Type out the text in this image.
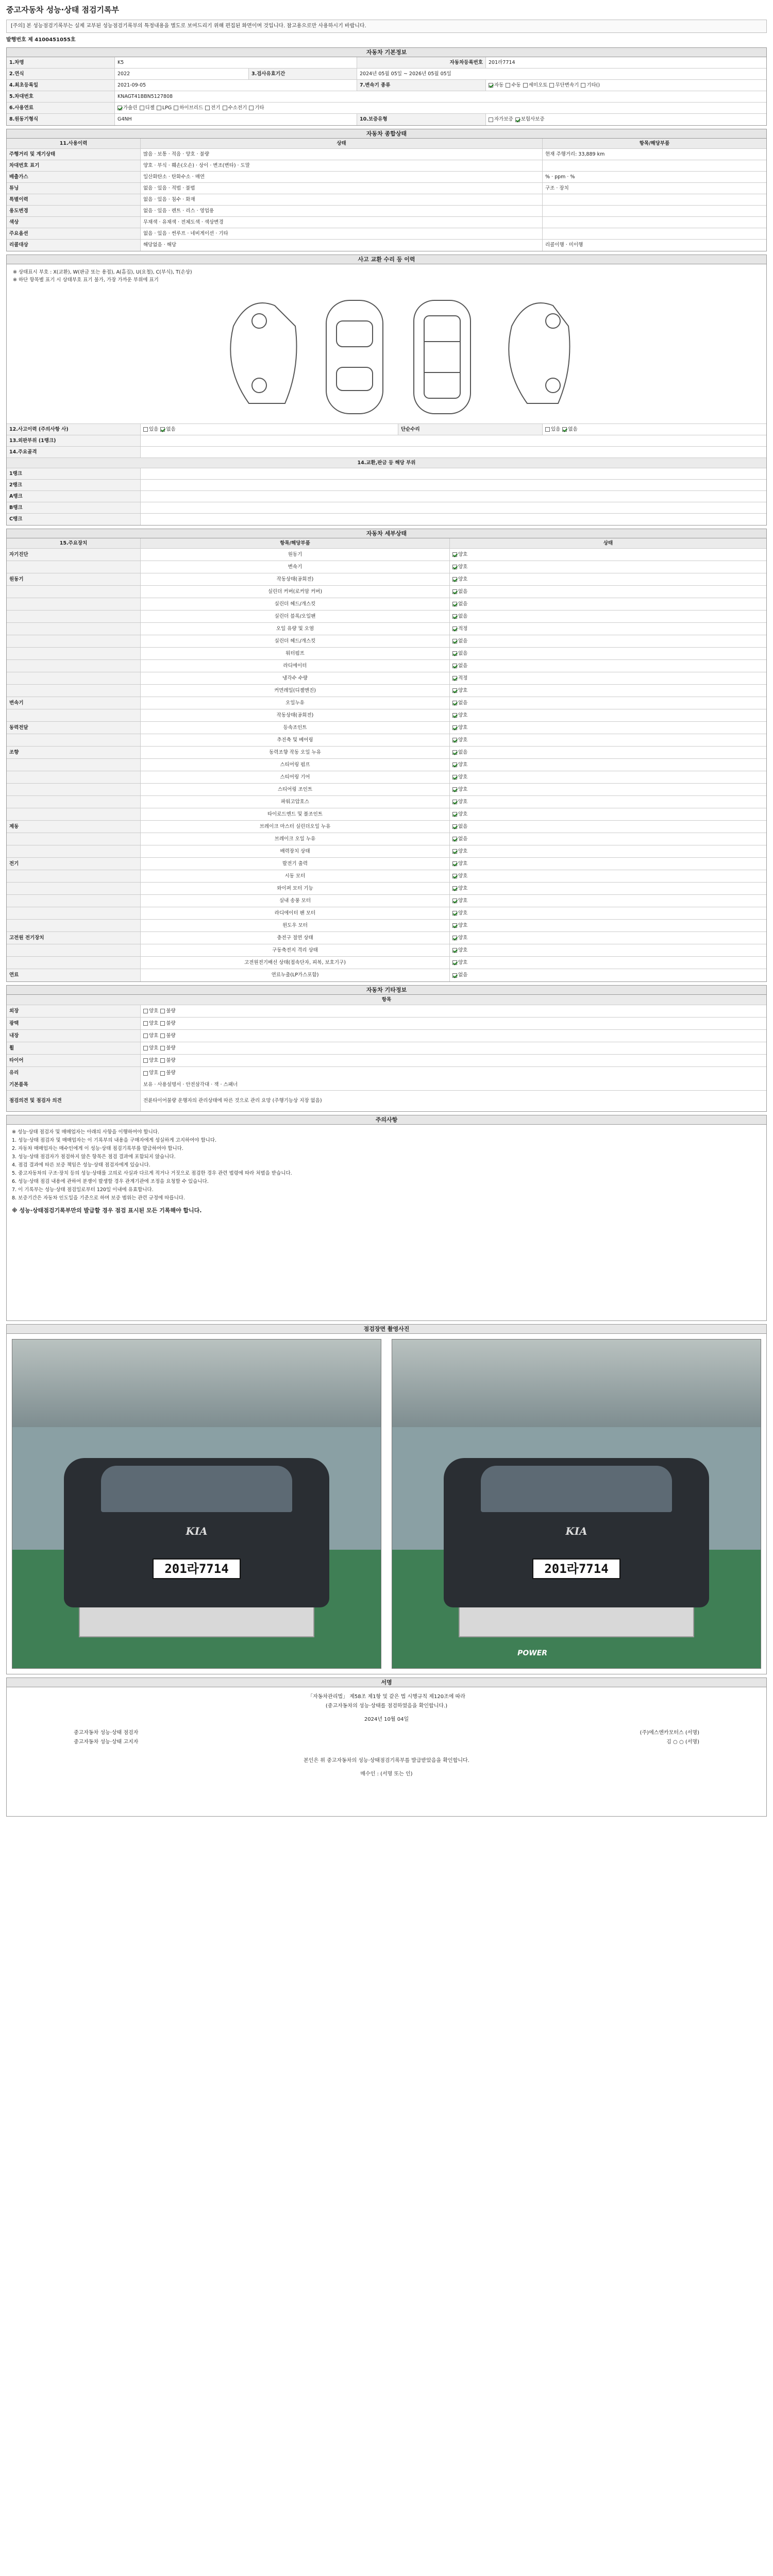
중고자동차 성능·상태 점검기록부
[주의] 본 성능점검기록부는 실제 교부된 성능점검기록부의 특정내용을 별도로 보여드리기 위해 편집된 화면이며 것입니다. 참고용으로만 사용하시기 바랍니다.
발행번호 제 4100451055호
자동차 기본정보
1.차명	K5	자동차등록번호	201라7714
2.연식	2022	3.검사유효기간	2024년 05월 05일 ~ 2026년 05월 05일
4.최초등록일	2021-09-05	7.변속기 종류	자동 수동 세미오토 무단변속기 기타()
5.차대번호	KNAGT41BBN5127808
6.사용연료	가솔린 디젤 LPG 하이브리드 전기 수소전기 기타
8.원동기형식	G4NH	10.보증유형	자가보증 보험사보증
자동차 종합상태
11.사용이력	상태	항목/해당부품
주행거리 및 계기상태	많음 · 보통 · 적음 · 양호 · 불량	현재 주행거리: 33,889 km
차대번호 표기	양호 · 부식 · 훼손(오손) · 상이 · 변조(변타) · 도말
배출가스	일산화탄소 · 탄화수소 · 매연	% · ppm · %
튜닝	없음 · 있음 · 적법 · 불법	구조 · 장치
특별이력	없음 · 있음 · 침수 · 화재
용도변경	없음 · 있음 · 렌트 · 리스 · 영업용
색상	무채색 · 유채색 · 전체도색 · 색상변경
주요옵션	없음 · 있음 · 썬루프 · 네비게이션 · 기타
리콜대상	해당없음 · 해당	리콜이행 · 미이행
사고 교환 수리 등 이력
※ 상태표시 부호 : X(교환), W(판금 또는 용접), A(흠집), U(요철), C(부식), T(손상)
※ 하단 항목별 표기 시 상태부호 표기 불가, 가장 가까운 부위에 표기
12.사고이력 (주의사항 사)	있음 없음	단순수리	있음 없음
13.외판부위 (1랭크)
14.주요골격
14.교환,판금 등 해당 부위
1랭크
2랭크
A랭크
B랭크
C랭크
자동차 세부상태
15.주요장치	항목/해당부품	상태
자기진단	원동기	양호
변속기	양호
원동기	작동상태(공회전)	양호
실린더 커버(로커암 커버)	없음
실린더 헤드/개스킷	없음
실린더 블록/오일팬	없음
오일 유량 및 오염	적정
실린더 헤드/개스킷	없음
워터펌프	없음
라디에이터	없음
냉각수 수량	적정
커먼레일(디젤엔진)	양호
변속기	오일누유	없음
작동상태(공회전)	양호
동력전달	등속조인트	양호
추진축 및 베어링	양호
조향	동력조향 작동 오일 누유	없음
스티어링 펌프	양호
스티어링 기어	양호
스티어링 조인트	양호
파워고압호스	양호
타이로드엔드 및 볼조인트	양호
제동	브레이크 마스터 실린더오일 누유	없음
브레이크 오일 누유	없음
배력장치 상태	양호
전기	발전기 출력	양호
시동 모터	양호
와이퍼 모터 기능	양호
실내 송풍 모터	양호
라디에이터 팬 모터	양호
윈도우 모터	양호
고전원 전기장치	충전구 절연 상태	양호
구동축전지 격리 상태	양호
고전원전기배선 상태(접속단자, 피복, 보호기구)	양호
연료	연료누출(LP가스포함)	없음
자동차 기타정보
항목
외장	양호 불량
광택	양호 불량
내장	양호 불량
휠	양호 불량
타이어	양호 불량
유리	양호 불량
기본품목	보유 · 사용설명서 · 안전삼각대 · 잭 · 스패너
점검의견 및 점검자 의견	전륜타이어불량 운행자의 관리상태에 따른 것으로 관리 요망 (주행기능상 지장 없음)
주의사항

※ 성능·상태 점검자 및 매매업자는 아래의 사항을 이행하여야 합니다.

1. 성능·상태 점검자 및 매매업자는 이 기록부의 내용을 구매자에게 성실하게 고지하여야 합니다.

2. 자동차 매매업자는 매수인에게 이 성능·상태 점검기록부를 발급하여야 합니다.

3. 성능·상태 점검자가 점검하지 않은 항목은 점검 결과에 포함되지 않습니다.

4. 점검 결과에 따른 보증 책임은 성능·상태 점검자에게 있습니다.

5. 중고자동차의 구조·장치 등의 성능·상태를 고의로 사실과 다르게 적거나 거짓으로 점검한 경우 관련 법령에 따라 처벌을 받습니다.

6. 성능·상태 점검 내용에 관하여 분쟁이 발생할 경우 관계기관에 조정을 요청할 수 있습니다.

7. 이 기록부는 성능·상태 점검일로부터 120일 이내에 유효합니다.

8. 보증기간은 자동차 인도일을 기준으로 하며 보증 범위는 관련 규정에 따릅니다.

※ 성능·상태점검기록부만의 발급할 경우 점검 표시된 모든 기록해야 합니다.

점검장면 촬영사진
KIA
201라7714
KIA
201라7714
POWER
서명
「자동차관리법」 제58조 제1항 및 같은 법 시행규칙 제120조에 따라
(중고자동차의 성능·상태를 점검하였음을 확인합니다.)
2024년 10월 04일
중고자동차 성능·상태 점검자	(주)에스엔카모터스 (서명)
중고자동차 성능·상태 고지자	김 ○ ○ (서명)
본인은 위 중고자동차의 성능·상태점검기록부를 발급받았음을 확인합니다.
매수인 : (서명 또는 인)
